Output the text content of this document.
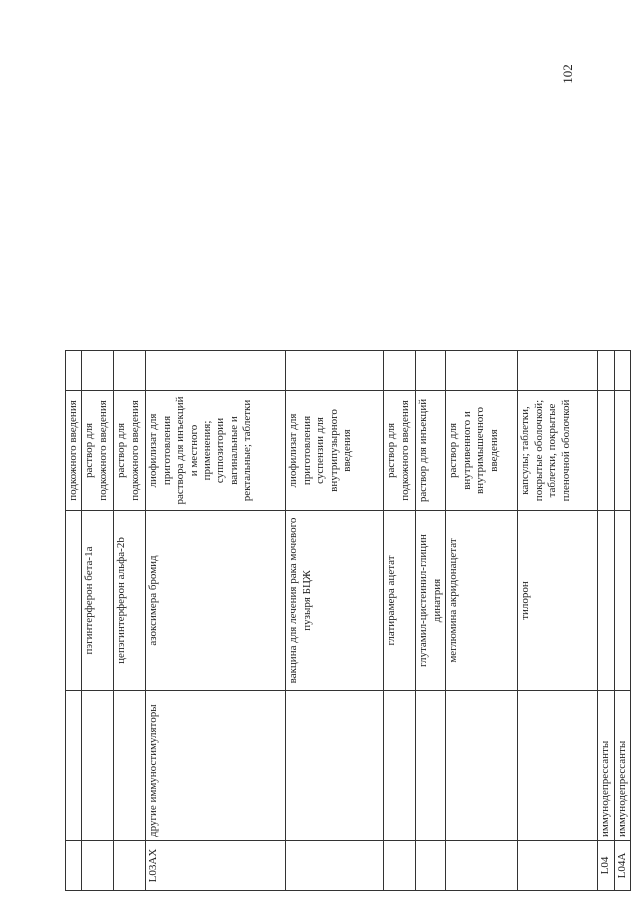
102
			подкожного введения	
		пэгинтерферон бета-1a	раствор для подкожного введения	
		цепэгинтерферон альфа-2b	раствор для подкожного введения	
L03AX	другие иммуностимуляторы	азоксимера бромид	лиофилизат для приготовления раствора для инъекций и местного применения; суппозитории вагинальные и ректальные; таблетки	
		вакцина для лечения рака мочевого пузыря БЦЖ	лиофилизат для приготовления суспензии для внутрипузырного введения	
		глатирамера ацетат	раствор для подкожного введения	
		глутамил-цистеинил-глицин динатрия	раствор для инъекций	
		меглюмина акридонацетат	раствор для внутривенного и внутримышечного введения	
		тилорон	капсулы; таблетки, покрытые оболочкой; таблетки, покрытые пленочной оболочкой	
L04	иммунодепрессанты			
L04A	иммунодепрессанты			
